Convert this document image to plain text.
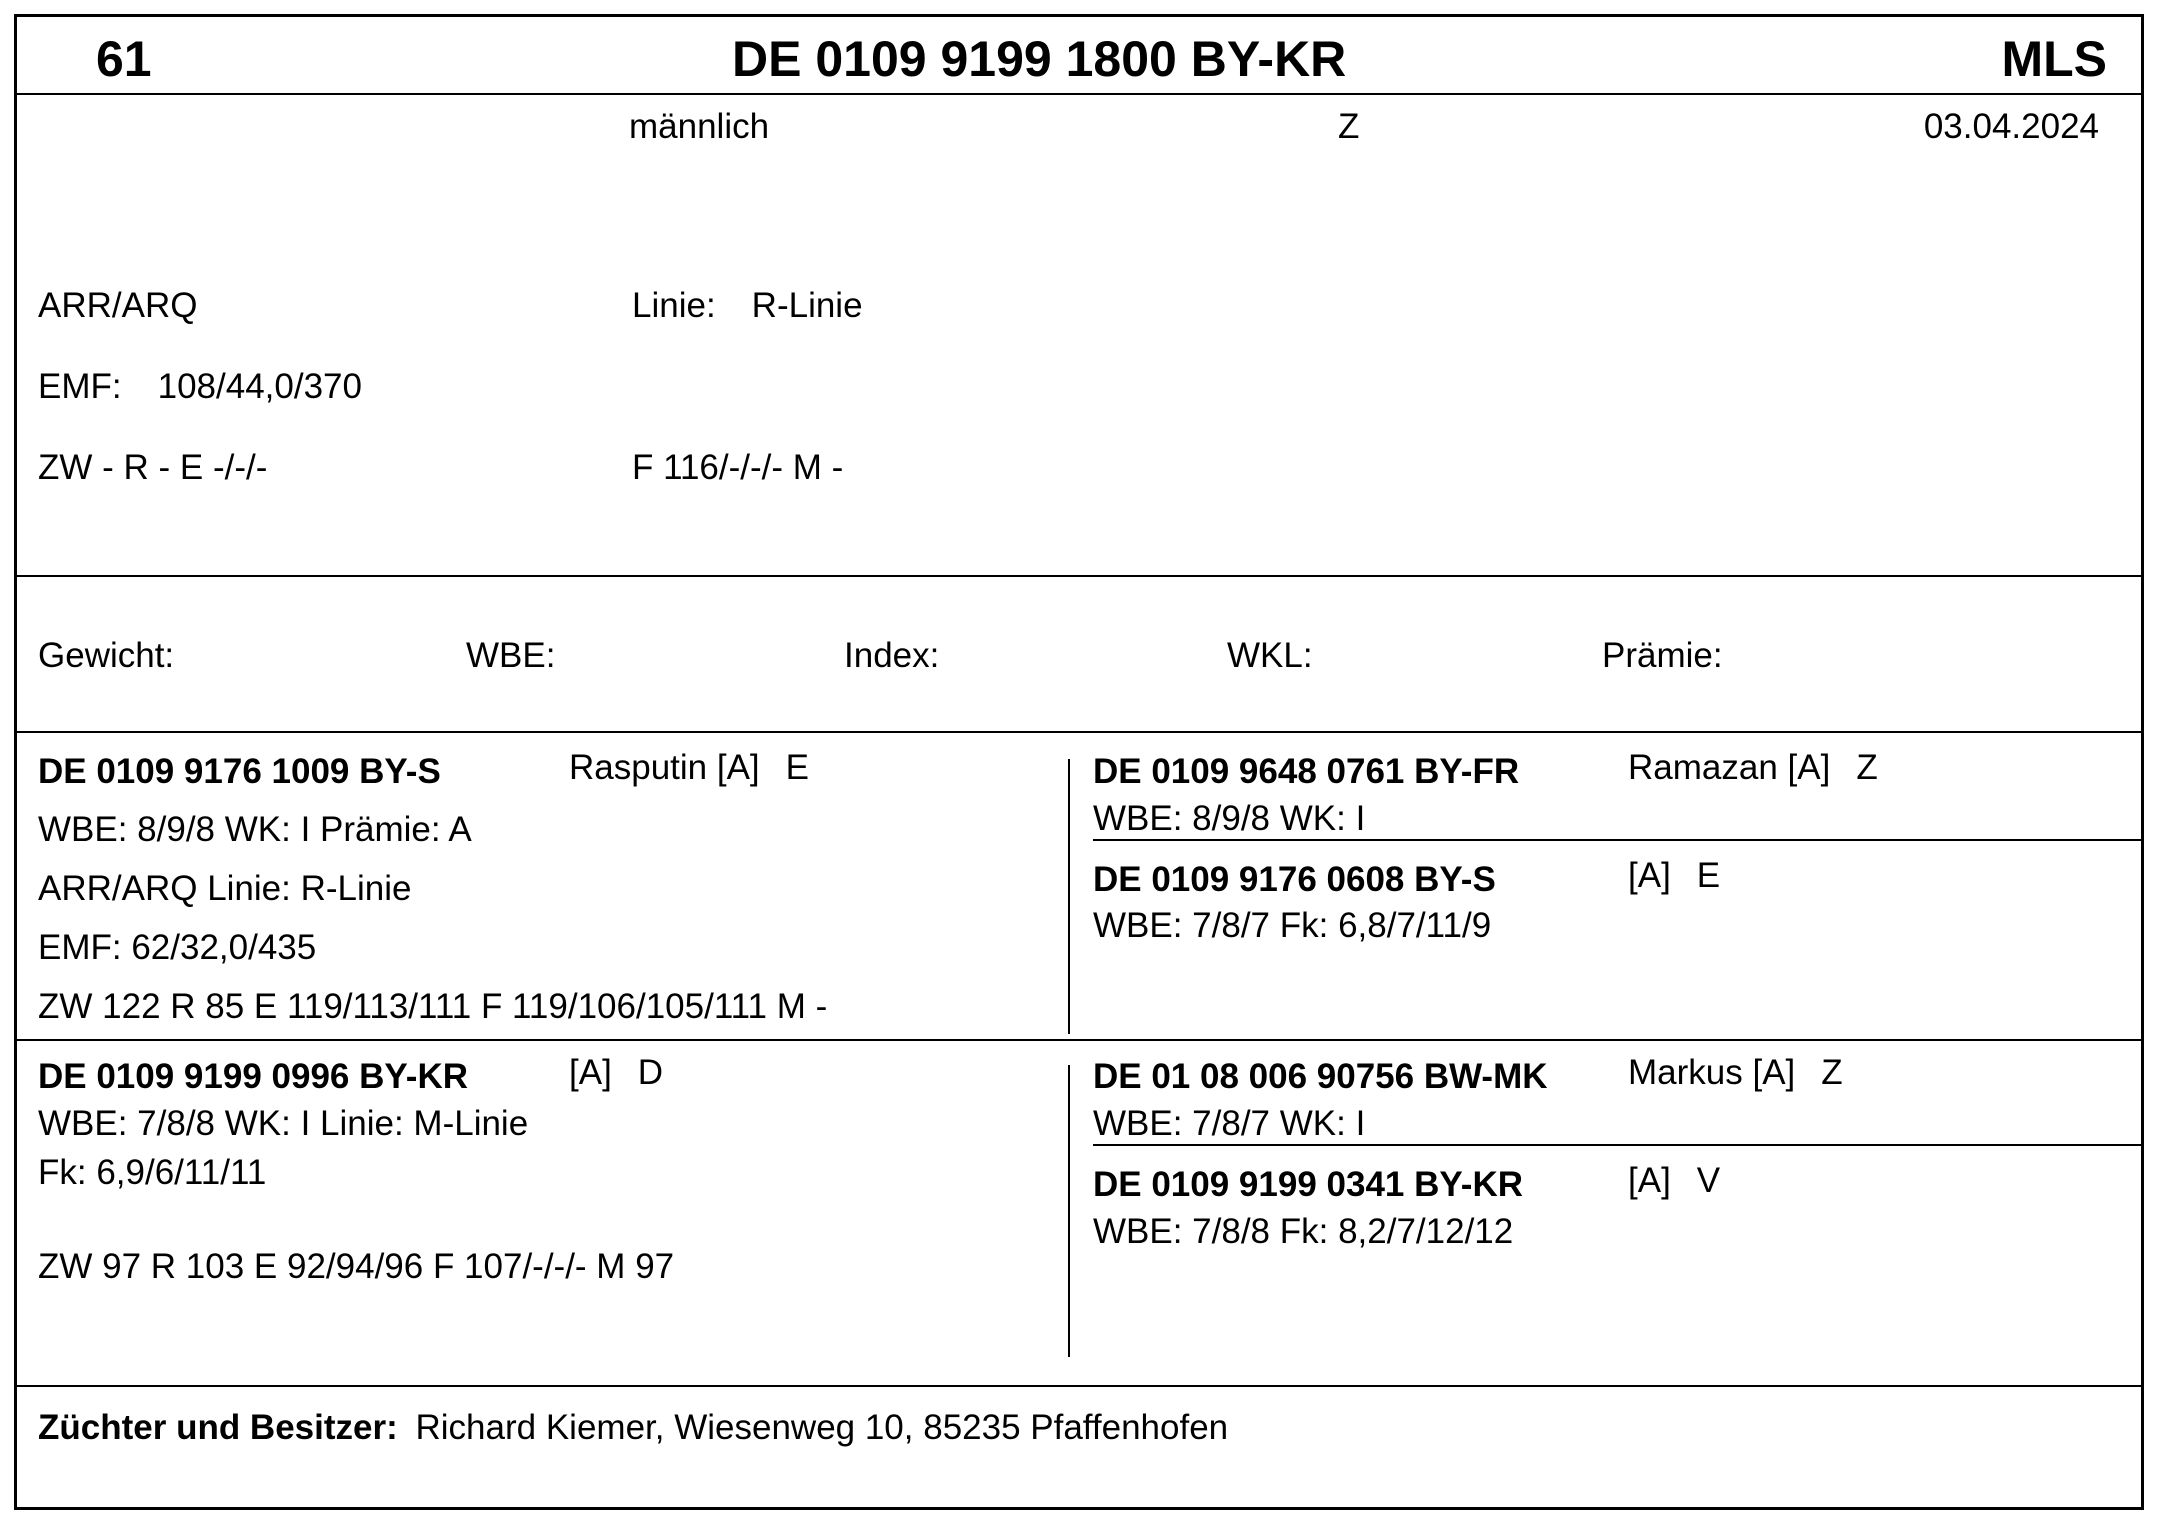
61	DE 0109 9199 1800 BY-KR	MLS
männlich	Z	03.04.2024
ARR/ARQ	Linie: R-Linie
EMF: 108/44,0/370
ZW - R - E -/-/-	F 116/-/-/- M -
Gewicht:	WBE:	Index:	WKL:	Prämie:
DE 0109 9176 1009 BY-S	Rasputin [A] E
WBE: 8/9/8 WK: I Prämie: A
ARR/ARQ Linie: R-Linie
EMF: 62/32,0/435
ZW 122 R 85 E 119/113/111 F 119/106/105/111 M -
DE 0109 9648 0761 BY-FR	Ramazan [A] Z
WBE: 8/9/8 WK: I
DE 0109 9176 0608 BY-S	[A] E
WBE: 7/8/7 Fk: 6,8/7/11/9
DE 0109 9199 0996 BY-KR	[A] D
WBE: 7/8/8 WK: I Linie: M-Linie
Fk: 6,9/6/11/11
ZW 97 R 103 E 92/94/96 F 107/-/-/- M 97
DE 01 08 006 90756 BW-MK Markus [A] Z
WBE: 7/8/7 WK: I
DE 0109 9199 0341 BY-KR	[A] V
WBE: 7/8/8 Fk: 8,2/7/12/12
Züchter und Besitzer: Richard Kiemer, Wiesenweg 10, 85235 Pfaffenhofen
